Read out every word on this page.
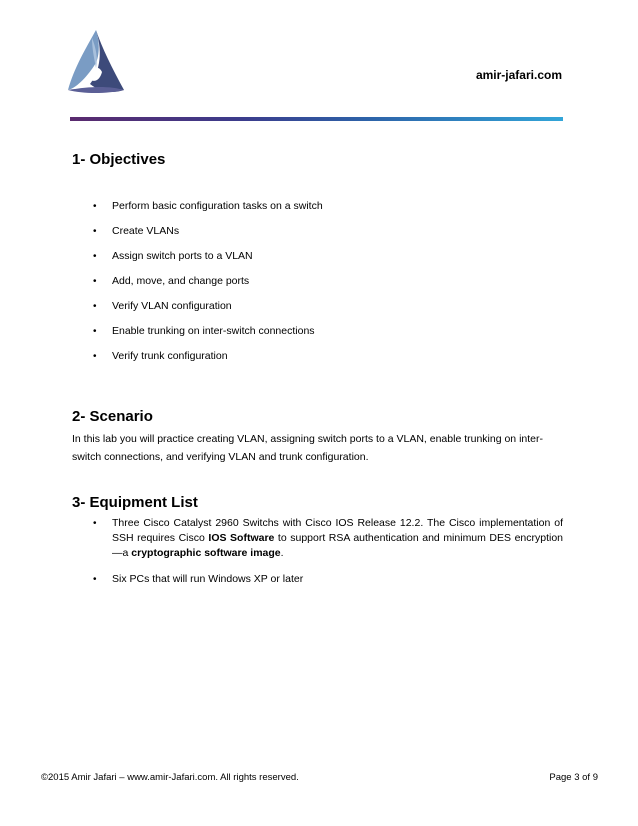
amir-jafari.com
1- Objectives
• Perform basic configuration tasks on a switch
• Create VLANs
• Assign switch ports to a VLAN
• Add, move, and change ports
• Verify VLAN configuration
• Enable trunking on inter-switch connections
• Verify trunk configuration
2- Scenario

In this lab you will practice creating VLAN, assigning switch ports to a VLAN, enable trunking on inter-
switch connections, and verifying VLAN and trunk configuration.

3- Equipment List
• Three Cisco Catalyst 2960 Switchs with Cisco IOS Release 12.2. The Cisco implementation of SSH requires Cisco IOS Software to support RSA authentication and minimum DES encryption—a cryptographic software image.
• Six PCs that will run Windows XP or later
©2015 Amir Jafari – www.amir-Jafari.com. All rights reserved.	Page 3 of 9
